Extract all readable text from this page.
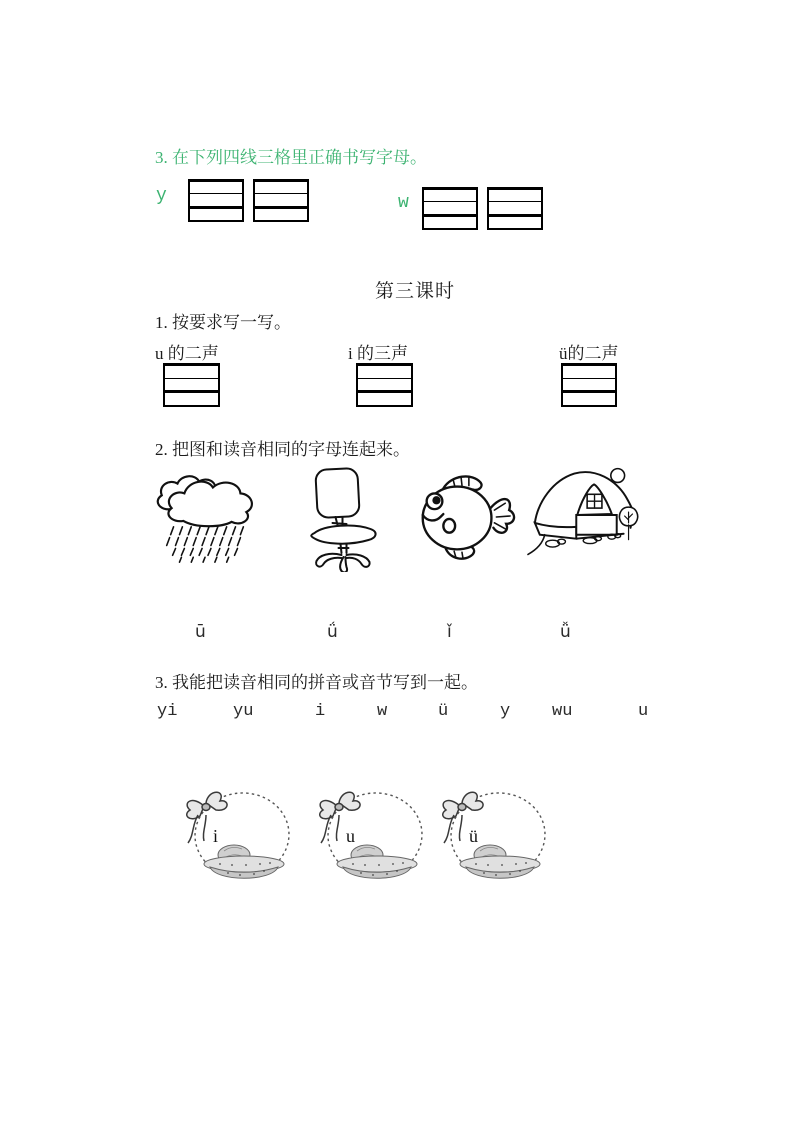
3. 在下列四线三格里正确书写字母。
y	w
第三课时
1. 按要求写一写。
u 的二声	i 的三声	ü的二声
2. 把图和读音相同的字母连起来。
ū	ǘ	ǐ	ǚ
3. 我能把读音相同的拼音或音节写到一起。
yi	yu	i	w	ü	y wu	u
i	u	ü
